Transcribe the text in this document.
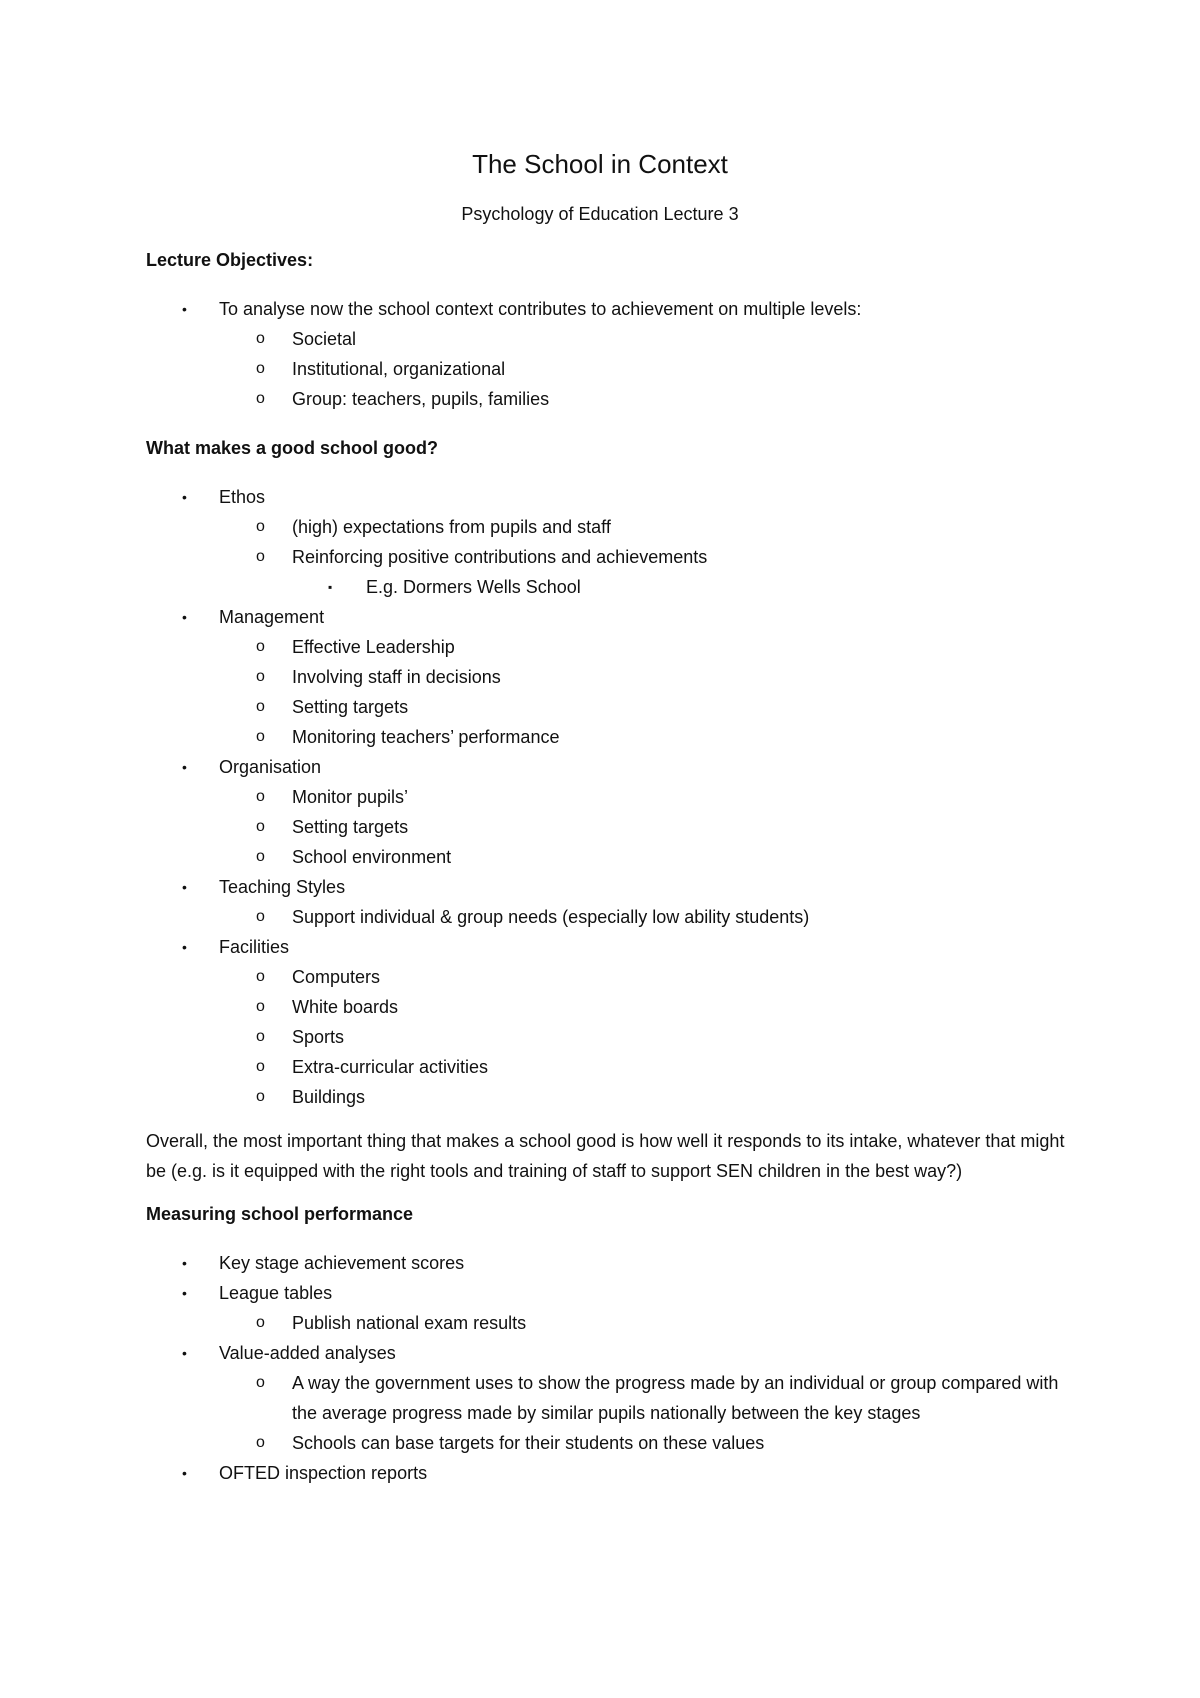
The School in Context
Psychology of Education Lecture 3
Lecture Objectives:
• To analyse now the school context contributes to achievement on multiple levels:
o Societal
o Institutional, organizational
o Group: teachers, pupils, families
What makes a good school good?
• Ethos
o (high) expectations from pupils and staff
o Reinforcing positive contributions and achievements
▪ E.g. Dormers Wells School
• Management
o Effective Leadership
o Involving staff in decisions
o Setting targets
o Monitoring teachers’ performance
• Organisation
o Monitor pupils’
o Setting targets
o School environment
• Teaching Styles
o Support individual & group needs (especially low ability students)
• Facilities
o Computers
o White boards
o Sports
o Extra-curricular activities
o Buildings

Overall, the most important thing that makes a school good is how well it responds to its intake, whatever that might be (e.g. is it equipped with the right tools and training of staff to support SEN children in the best way?)

Measuring school performance
• Key stage achievement scores
• League tables
o Publish national exam results
• Value-added analyses
o A way the government uses to show the progress made by an individual or group compared with the average progress made by similar pupils nationally between the key stages
o Schools can base targets for their students on these values
• OFTED inspection reports
